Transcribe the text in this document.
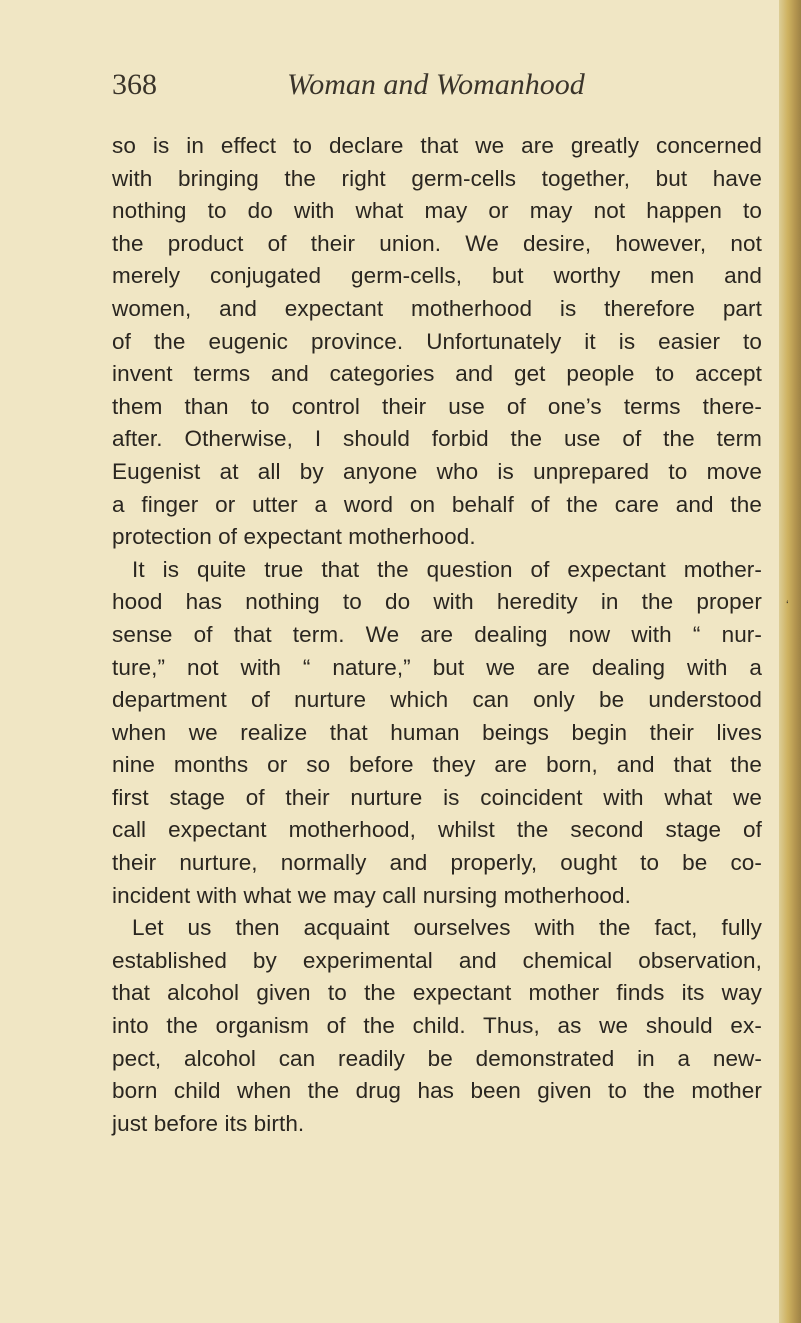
368	Woman and Womanhood
so is in effect to declare that we are greatly concerned
with bringing the right germ-cells together, but have
nothing to do with what may or may not happen to
the product of their union. We desire, however, not
merely conjugated germ-cells, but worthy men and
women, and expectant motherhood is therefore part
of the eugenic province. Unfortunately it is easier to
invent terms and categories and get people to accept
them than to control their use of one’s terms there-
after. Otherwise, I should forbid the use of the term
Eugenist at all by anyone who is unprepared to move
a finger or utter a word on behalf of the care and the
protection of expectant motherhood.
It is quite true that the question of expectant mother-
hood has nothing to do with heredity in the proper
sense of that term. We are dealing now with “ nur-
ture,” not with “ nature,” but we are dealing with a
department of nurture which can only be understood
when we realize that human beings begin their lives
nine months or so before they are born, and that the
first stage of their nurture is coincident with what we
call expectant motherhood, whilst the second stage of
their nurture, normally and properly, ought to be co-
incident with what we may call nursing motherhood.
Let us then acquaint ourselves with the fact, fully
established by experimental and chemical observation,
that alcohol given to the expectant mother finds its way
into the organism of the child. Thus, as we should ex-
pect, alcohol can readily be demonstrated in a new-
born child when the drug has been given to the mother
just before its birth.
‘
